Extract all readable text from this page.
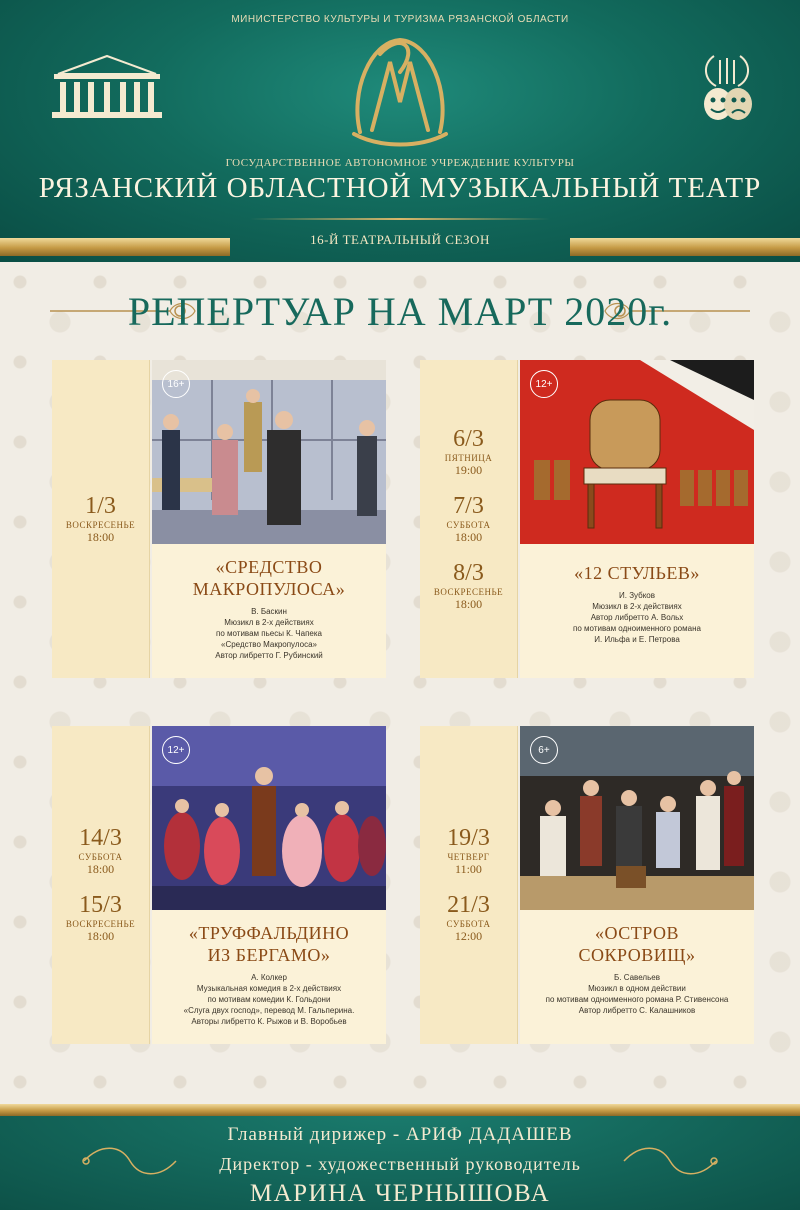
МИНИСТЕРСТВО КУЛЬТУРЫ И ТУРИЗМА РЯЗАНСКОЙ ОБЛАСТИ
ГОСУДАРСТВЕННОЕ АВТОНОМНОЕ УЧРЕЖДЕНИЕ КУЛЬТУРЫ
РЯЗАНСКИЙ ОБЛАСТНОЙ МУЗЫКАЛЬНЫЙ ТЕАТР
16-Й ТЕАТРАЛЬНЫЙ СЕЗОН
РЕПЕРТУАР НА МАРТ 2020г.
1/3
ВОСКРЕСЕНЬЕ
18:00
16+
«СРЕДСТВО
МАКРОПУЛОСА»
В. Баскин
Мюзикл в 2-х действиях
по мотивам пьесы К. Чапека
«Средство Макропулоса»
Автор либретто Г. Рубинский
6/3
ПЯТНИЦА
19:00
7/3
СУББОТА
18:00
8/3
ВОСКРЕСЕНЬЕ
18:00
12+
«12 СТУЛЬЕВ»
И. Зубков
Мюзикл в 2-х действиях
Автор либретто А. Вольх
по мотивам одноименного романа
И. Ильфа и Е. Петрова
14/3
СУББОТА
18:00
15/3
ВОСКРЕСЕНЬЕ
18:00
12+
«ТРУФФАЛЬДИНО
ИЗ БЕРГАМО»
А. Колкер
Музыкальная комедия в 2-х действиях
по мотивам комедии К. Гольдони
«Слуга двух господ», перевод М. Гальперина.
Авторы либретто К. Рыжов и В. Воробьев
19/3
ЧЕТВЕРГ
11:00
21/3
СУББОТА
12:00
6+
«ОСТРОВ
СОКРОВИЩ»
Б. Савельев
Мюзикл в одном действии
по мотивам одноименного романа Р. Стивенсона
Автор либретто С. Калашников
Главный дирижер - АРИФ ДАДАШЕВ
Директор - художественный руководитель
МАРИНА ЧЕРНЫШОВА
